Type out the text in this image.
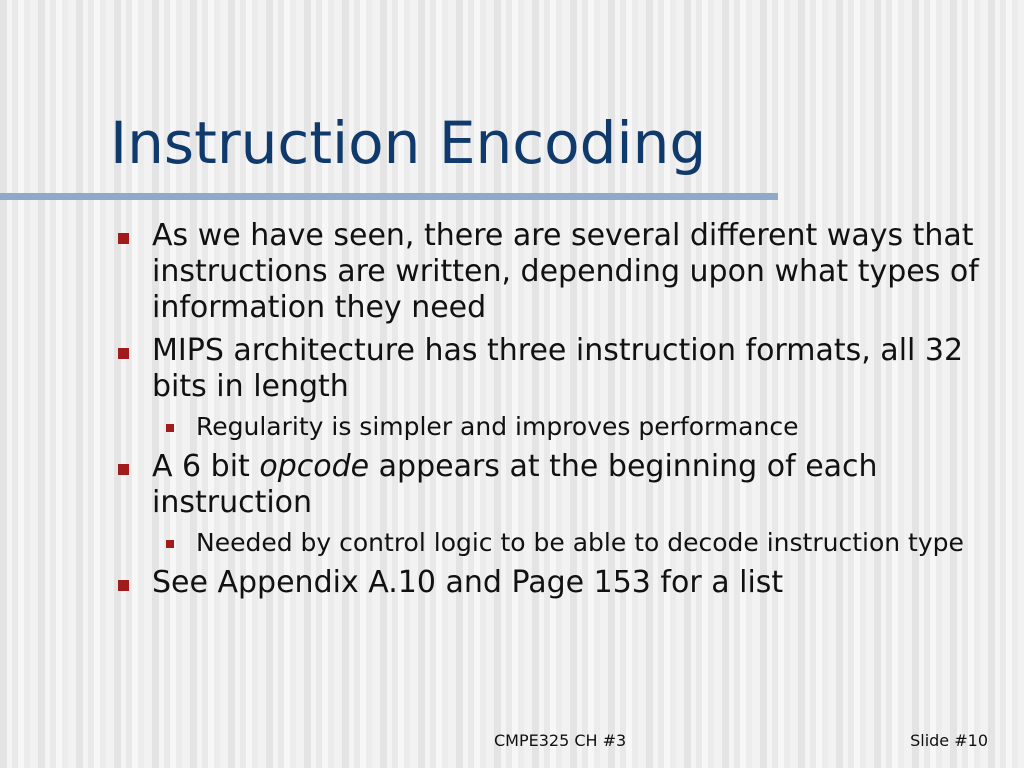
Instruction Encoding
As we have seen, there are several different ways that instructions are written, depending upon what types of information they need
MIPS architecture has three instruction formats, all 32 bits in length
Regularity is simpler and improves performance
A 6 bit opcode appears at the beginning of each instruction
Needed by control logic to be able to decode instruction type
See Appendix A.10 and Page 153 for a list
CMPE325 CH #3	Slide #10
